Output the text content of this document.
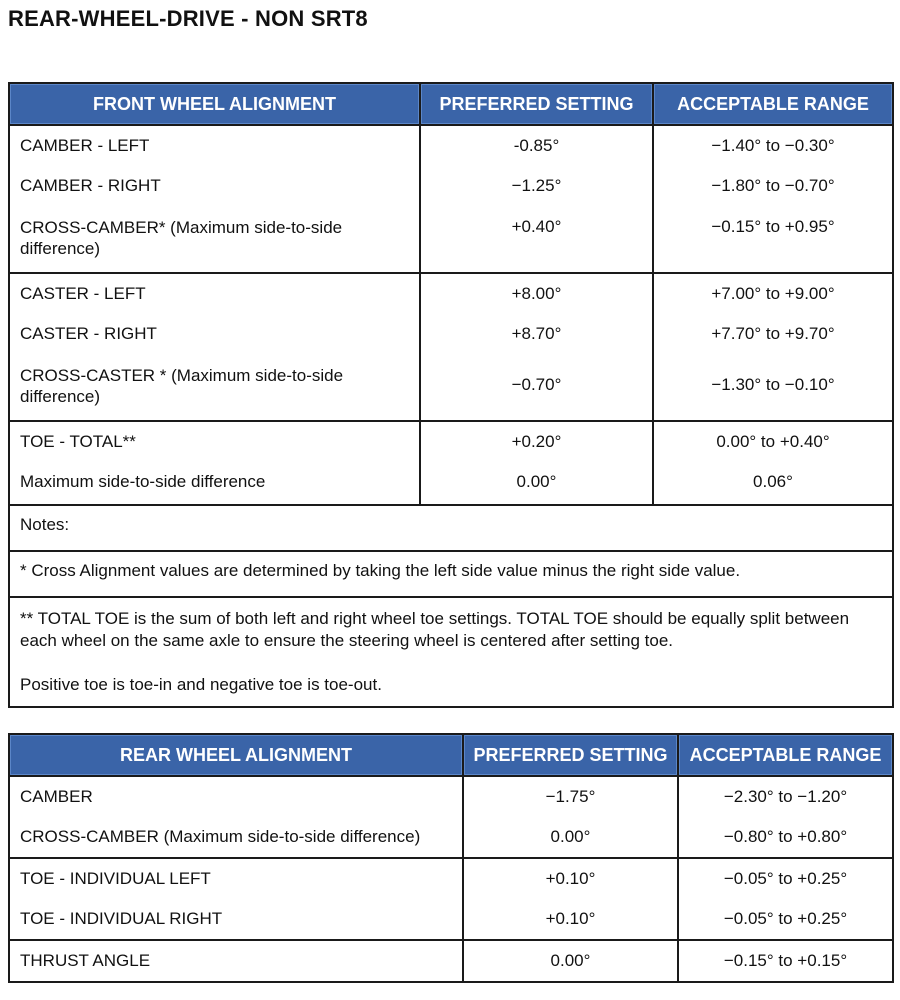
REAR-WHEEL-DRIVE - NON SRT8
FRONT WHEEL ALIGNMENT	PREFERRED SETTING	ACCEPTABLE RANGE

CAMBER - LEFT	-0.85°	−1.40° to −0.30°

CAMBER - RIGHT	−1.25°	−1.80° to −0.70°

CROSS-CAMBER* (Maximum side-to-side difference)	+0.40°	−0.15° to +0.95°

CASTER - LEFT	+8.00°	+7.00° to +9.00°

CASTER - RIGHT	+8.70°	+7.70° to +9.70°

CROSS-CASTER * (Maximum side-to-side difference)	−0.70°	−1.30° to −0.10°

TOE - TOTAL**	+0.20°	0.00° to +0.40°

Maximum side-to-side difference	0.00°	0.06°

Notes:		

* Cross Alignment values are determined by taking the left side value minus the right side value.		

** TOTAL TOE is the sum of both left and right wheel toe settings. TOTAL TOE should be equally split between each wheel on the same axle to ensure the steering wheel is centered after setting toe.
Positive toe is toe-in and negative toe is toe-out.		
REAR WHEEL ALIGNMENT	PREFERRED SETTING	ACCEPTABLE RANGE

CAMBER	−1.75°	−2.30° to −1.20°

CROSS-CAMBER (Maximum side-to-side difference)	0.00°	−0.80° to +0.80°

TOE - INDIVIDUAL LEFT	+0.10°	−0.05° to +0.25°

TOE - INDIVIDUAL RIGHT	+0.10°	−0.05° to +0.25°

THRUST ANGLE	0.00°	−0.15° to +0.15°
